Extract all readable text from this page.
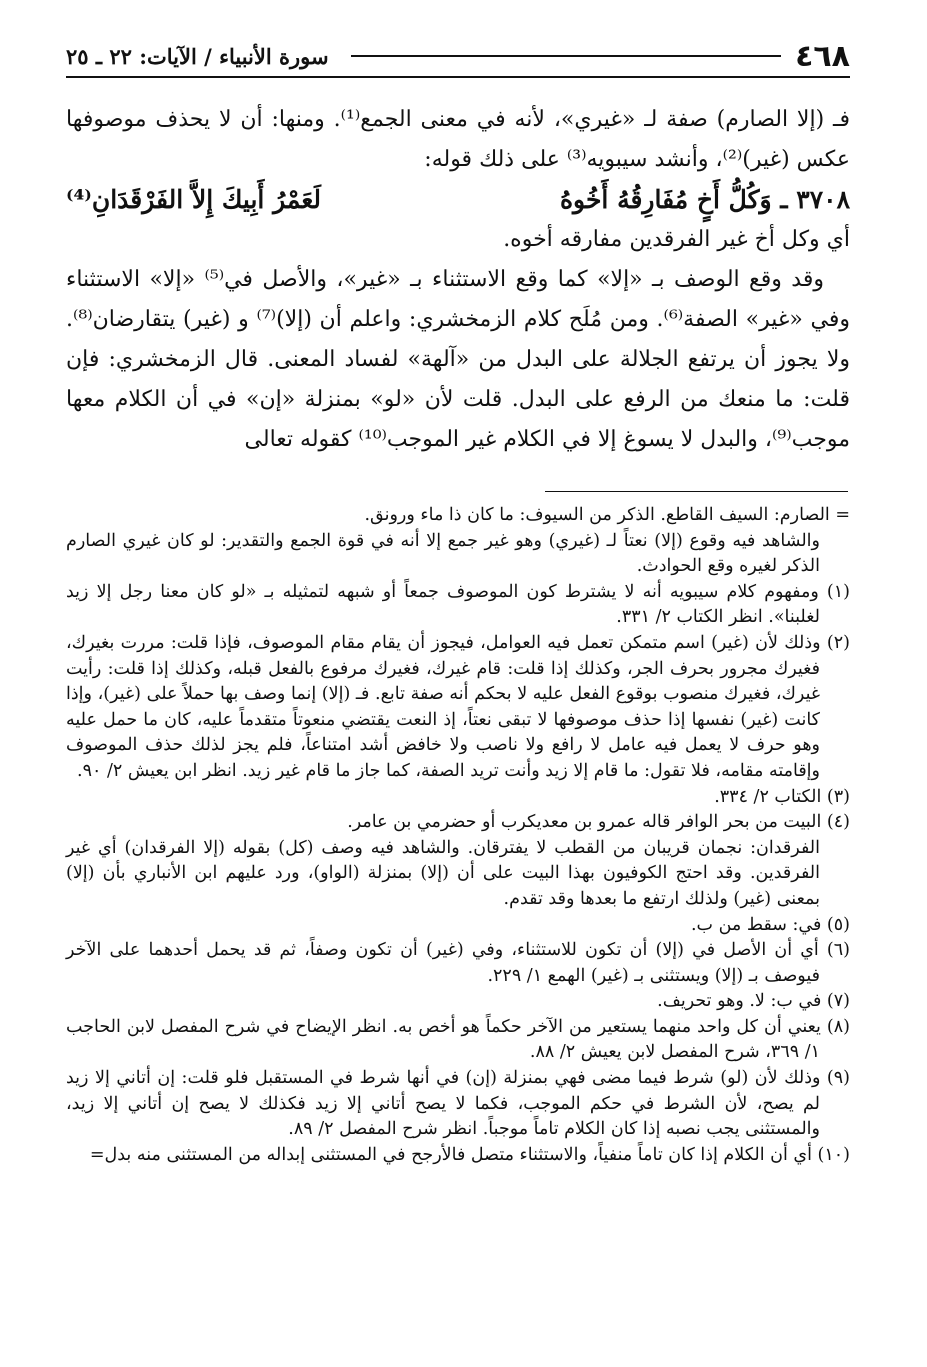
٤٦٨
سورة الأنبياء / الآيات: ٢٢ ـ ٢٥

فـ (إلا الصارم) صفة لـ «غيري»، لأنه في معنى الجمع⁽¹⁾. ومنها: أن لا يحذف موصوفها عكس (غير)⁽²⁾، وأنشد سيبويه⁽³⁾ على ذلك قوله:

٣٧٠٨ ـ وَكُلُّ أَخٍ مُفَارِقُهُ أَخُوهُ
لَعَمْرُ أَبِيكَ إِلاَّ الفَرْقَدَانِ⁽⁴⁾

أي وكل أخ غير الفرقدين مفارقه أخوه.

وقد وقع الوصف بـ «إلا» كما وقع الاستثناء بـ «غير»، والأصل في⁽⁵⁾ «إلا» الاستثناء وفي «غير» الصفة⁽⁶⁾. ومن مُلَح كلام الزمخشري: واعلم أن (إلا)⁽⁷⁾ و (غير) يتقارضان⁽⁸⁾. ولا يجوز أن يرتفع الجلالة على البدل من «آلهة» لفساد المعنى. قال الزمخشري: فإن قلت: ما منعك من الرفع على البدل. قلت لأن «لو» بمنزلة «إن» في أن الكلام معها موجب⁽⁹⁾، والبدل لا يسوغ إلا في الكلام غير الموجب⁽¹⁰⁾ كقوله تعالى

= الصارم: السيف القاطع. الذكر من السيوف: ما كان ذا ماء ورونق.

والشاهد فيه وقوع (إلا) نعتاً لـ (غيري) وهو غير جمع إلا أنه في قوة الجمع والتقدير: لو كان غيري الصارم الذكر لغيره وقع الحوادث.

(١) ومفهوم كلام سيبويه أنه لا يشترط كون الموصوف جمعاً أو شبهه لتمثيله بـ «لو كان معنا رجل إلا زيد لغلبنا». انظر الكتاب ٢/ ٣٣١.

(٢) وذلك لأن (غير) اسم متمكن تعمل فيه العوامل، فيجوز أن يقام مقام الموصوف، فإذا قلت: مررت بغيرك، فغيرك مجرور بحرف الجر، وكذلك إذا قلت: قام غيرك، فغيرك مرفوع بالفعل قبله، وكذلك إذا قلت: رأيت غيرك، فغيرك منصوب بوقوع الفعل عليه لا بحكم أنه صفة تابع. فـ (إلا) إنما وصف بها حملاً على (غير)، وإذا كانت (غير) نفسها إذا حذف موصوفها لا تبقى نعتاً، إذ النعت يقتضي منعوتاً متقدماً عليه، كان ما حمل عليه وهو حرف لا يعمل فيه عامل لا رافع ولا ناصب ولا خافض أشد امتناعاً، فلم يجز لذلك حذف الموصوف وإقامته مقامه، فلا تقول: ما قام إلا زيد وأنت تريد الصفة، كما جاز ما قام غير زيد. انظر ابن يعيش ٢/ ٩٠.

(٣) الكتاب ٢/ ٣٣٤.

(٤) البيت من بحر الوافر قاله عمرو بن معديكرب أو حضرمي بن عامر.

الفرقدان: نجمان قريبان من القطب لا يفترقان. والشاهد فيه وصف (كل) بقوله (إلا الفرقدان) أي غير الفرقدين. وقد احتج الكوفيون بهذا البيت على أن (إلا) بمنزلة (الواو)، ورد عليهم ابن الأنباري بأن (إلا) بمعنى (غير) ولذلك ارتفع ما بعدها وقد تقدم.

(٥) في: سقط من ب.

(٦) أي أن الأصل في (إلا) أن تكون للاستثناء، وفي (غير) أن تكون وصفاً، ثم قد يحمل أحدهما على الآخر فيوصف بـ (إلا) ويستثنى بـ (غير) الهمع ١/ ٢٢٩.

(٧) في ب: لا. وهو تحريف.

(٨) يعني أن كل واحد منهما يستعير من الآخر حكماً هو أخص به. انظر الإيضاح في شرح المفصل لابن الحاجب ١/ ٣٦٩، شرح المفصل لابن يعيش ٢/ ٨٨.

(٩) وذلك لأن (لو) شرط فيما مضى فهي بمنزلة (إن) في أنها شرط في المستقبل فلو قلت: إن أتاني إلا زيد لم يصح، لأن الشرط في حكم الموجب، فكما لا يصح أتاني إلا زيد فكذلك لا يصح إن أتاني إلا زيد، والمستثنى يجب نصبه إذا كان الكلام تاماً موجباً. انظر شرح المفصل ٢/ ٨٩.

(١٠) أي أن الكلام إذا كان تاماً منفياً، والاستثناء متصل فالأرجح في المستثنى إبداله من المستثنى منه بدل=
